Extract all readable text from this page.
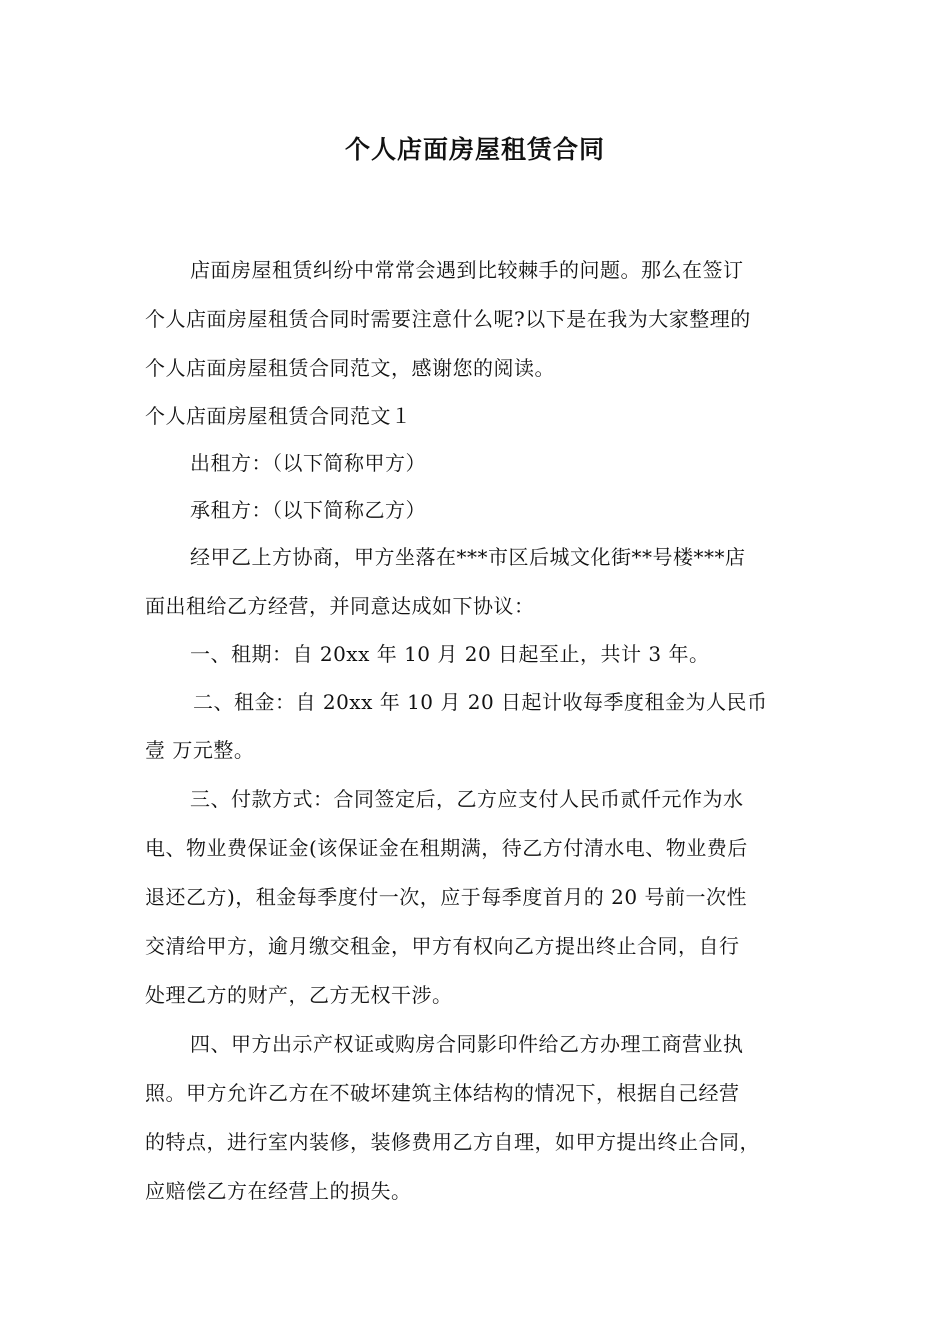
个人店面房屋租赁合同
店面房屋租赁纠纷中常常会遇到比较棘手的问题。那么在签订
个人店面房屋租赁合同时需要注意什么呢?以下是在我为大家整理的
个人店面房屋租赁合同范文，感谢您的阅读。
个人店面房屋租赁合同范文１
出租方：（以下简称甲方）
承租方：（以下简称乙方）
经甲乙上方协商，甲方坐落在***市区后城文化街**号楼***店
面出租给乙方经营，并同意达成如下协议：
一、租期：自 20xx 年 10 月 20 日起至止，共计 3 年。
二、租金：自 20xx 年 10 月 20 日起计收每季度租金为人民币
壹 万元整。
三、付款方式：合同签定后，乙方应支付人民币贰仟元作为水
电、物业费保证金(该保证金在租期满，待乙方付清水电、物业费后
退还乙方)，租金每季度付一次，应于每季度首月的 20 号前一次性
交清给甲方，逾月缴交租金，甲方有权向乙方提出终止合同，自行
处理乙方的财产，乙方无权干涉。
四、甲方出示产权证或购房合同影印件给乙方办理工商营业执
照。甲方允许乙方在不破坏建筑主体结构的情况下，根据自己经营
的特点，进行室内装修，装修费用乙方自理，如甲方提出终止合同，
应赔偿乙方在经营上的损失。
